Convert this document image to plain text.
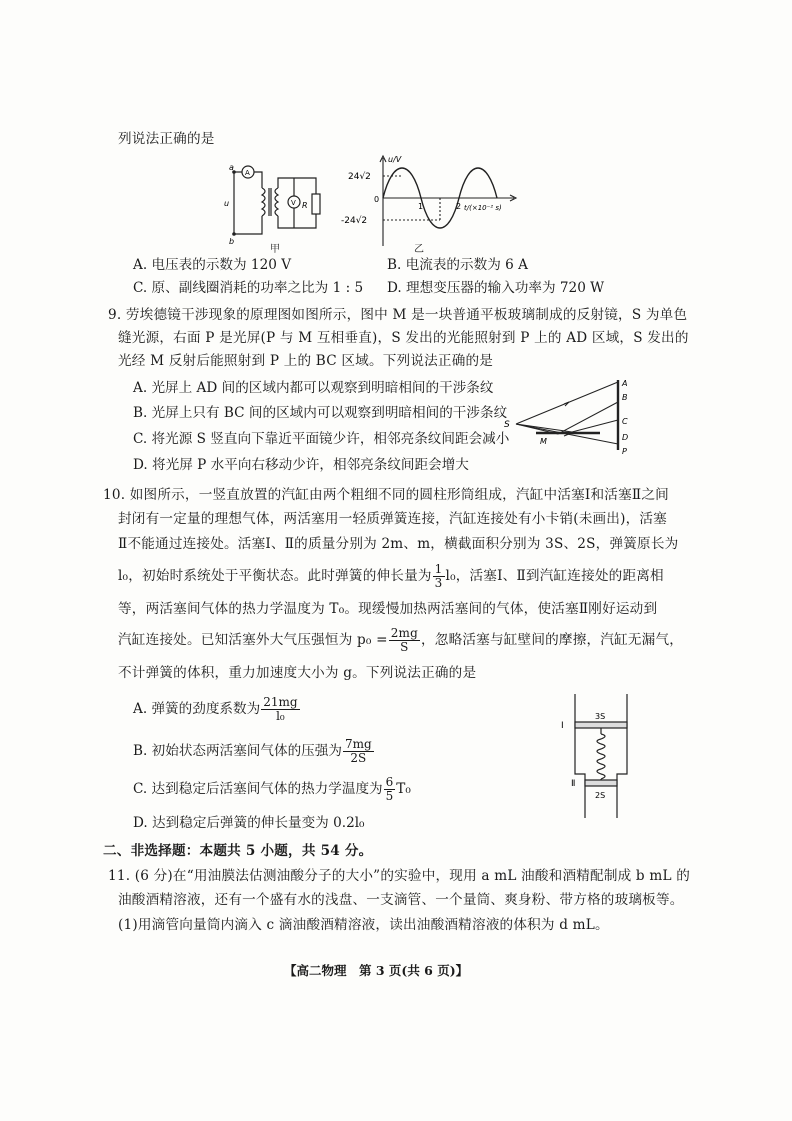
列说法正确的是
a
b
u
A
V R
甲
u/V
24√2
-24√2
0
1	2 t/(×10⁻² s)
乙
A. 电压表的示数为 120 V	B. 电流表的示数为 6 A
C. 原、副线圈消耗的功率之比为 1 : 5 D. 理想变压器的输入功率为 720 W
9. 劳埃德镜干涉现象的原理图如图所示，图中 M 是一块普通平板玻璃制成的反射镜，S 为单色
缝光源，右面 P 是光屏(P 与 M 互相垂直)，S 发出的光能照射到 P 上的 AD 区域，S 发出的
光经 M 反射后能照射到 P 上的 BC 区域。下列说法正确的是
A. 光屏上 AD 间的区域内都可以观察到明暗相间的干涉条纹
B. 光屏上只有 BC 间的区域内可以观察到明暗相间的干涉条纹
C. 将光源 S 竖直向下靠近平面镜少许，相邻亮条纹间距会减小
D. 将光屏 P 水平向右移动少许，相邻亮条纹间距会增大
S
M
A
B
C
D
P
10. 如图所示，一竖直放置的汽缸由两个粗细不同的圆柱形筒组成，汽缸中活塞Ⅰ和活塞Ⅱ之间
封闭有一定量的理想气体，两活塞用一轻质弹簧连接，汽缸连接处有小卡销(未画出)，活塞
Ⅱ不能通过连接处。活塞Ⅰ、Ⅱ的质量分别为 2m、m，横截面积分别为 3S、2S，弹簧原长为
l₀，初始时系统处于平衡状态。此时弹簧的伸长量为 $\frac{1}{3} l_0$，活塞Ⅰ、Ⅱ到汽缸连接处的距离相
等，两活塞间气体的热力学温度为 T₀。现缓慢加热两活塞间的气体，使活塞Ⅱ刚好运动到
汽缸连接处。已知活塞外大气压强恒为 $p_0 = \frac{2mg}{S}$ ，忽略活塞与缸壁间的摩擦，汽缸无漏气，
不计弹簧的体积，重力加速度大小为 g。下列说法正确的是
A. 弹簧的劲度系数为 $\frac{21mg}{\text{l₀}}$
B. 初始状态两活塞间气体的压强为 $\frac{7mg}{2S}$
C. 达到稳定后活塞间气体的热力学温度为 $\frac{6}{5} T_0$
D. 达到稳定后弹簧的伸长量变为 0.2l₀
Ⅰ
Ⅱ
3S
2S
二、非选择题：本题共 5 小题，共 54 分。
11. (6 分)在“用油膜法估测油酸分子的大小”的实验中，现用 a mL 油酸和酒精配制成 b mL 的
油酸酒精溶液，还有一个盛有水的浅盘、一支滴管、一个量筒、爽身粉、带方格的玻璃板等。
(1)用滴管向量筒内滴入 c 滴油酸酒精溶液，读出油酸酒精溶液的体积为 d mL。
【高二物理　第 3 页(共 6 页)】
